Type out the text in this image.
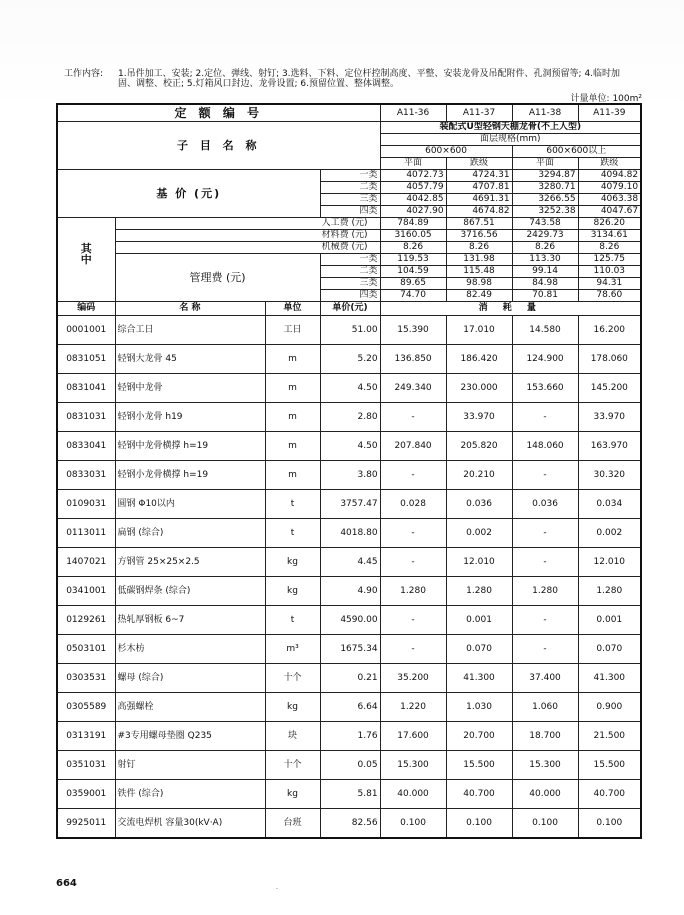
工作内容: 1.吊件加工、安装; 2.定位、弹线、射钉; 3.选料、下料、定位杆控制高度、平整、安装龙骨及吊配附件、孔洞预留等; 4.临时加固、调整、校正; 5.灯箱风口封边、龙骨设置; 6.预留位置、整体调整。
计量单位: 100m²
定 额 编 号				A11-36	A11-37	A11-38	A11-39
子 目 名 称				装配式U型轻钢天棚龙骨(不上人型)			
				面层规格(mm)			
				600×600		600×600以上	
				平面	跌级	平面	跌级
基 价 (元)			一类	4072.73	4724.31	3294.87	4094.82
			二类	4057.79	4707.81	3280.71	4079.10
			三类	4042.85	4691.31	3266.55	4063.38
			四类	4027.90	4674.82	3252.38	4047.67
其	人工费 (元)			784.89	867.51	743.58	826.20
	材料费 (元)			3160.05	3716.56	2429.73	3134.61
	机械费 (元)			8.26	8.26	8.26	8.26
中	管理费 (元)		一类	119.53	131.98	113.30	125.75
			二类	104.59	115.48	99.14	110.03
			三类	89.65	98.98	84.98	94.31
			四类	74.70	82.49	70.81	78.60
编码	名 称	单位	单价(元)	消 耗 量			
0001001	综合工日	工日	51.00	15.390	17.010	14.580	16.200
0831051	轻钢大龙骨 45	m	5.20	136.850	186.420	124.900	178.060
0831041	轻钢中龙骨	m	4.50	249.340	230.000	153.660	145.200
0831031	轻钢小龙骨 h19	m	2.80	-	33.970	-	33.970
0833041	轻钢中龙骨横撑 h=19	m	4.50	207.840	205.820	148.060	163.970
0833031	轻钢小龙骨横撑 h=19	m	3.80	-	20.210	-	30.320
0109031	圆钢 Φ10以内	t	3757.47	0.028	0.036	0.036	0.034
0113011	扁钢 (综合)	t	4018.80	-	0.002	-	0.002
1407021	方钢管 25×25×2.5	kg	4.45	-	12.010	-	12.010
0341001	低碳钢焊条 (综合)	kg	4.90	1.280	1.280	1.280	1.280
0129261	热轧厚钢板 6~7	t	4590.00	-	0.001	-	0.001
0503101	杉木枋	m³	1675.34	-	0.070	-	0.070
0303531	螺母 (综合)	十个	0.21	35.200	41.300	37.400	41.300
0305589	高强螺栓	kg	6.64	1.220	1.030	1.060	0.900
0313191	#3专用螺母垫圈 Q235	块	1.76	17.600	20.700	18.700	21.500
0351031	射钉	十个	0.05	15.300	15.500	15.300	15.500
0359001	铁件 (综合)	kg	5.81	40.000	40.700	40.000	40.700
9925011	交流电焊机 容量30(kV·A)	台班	82.56	0.100	0.100	0.100	0.100
664
·
